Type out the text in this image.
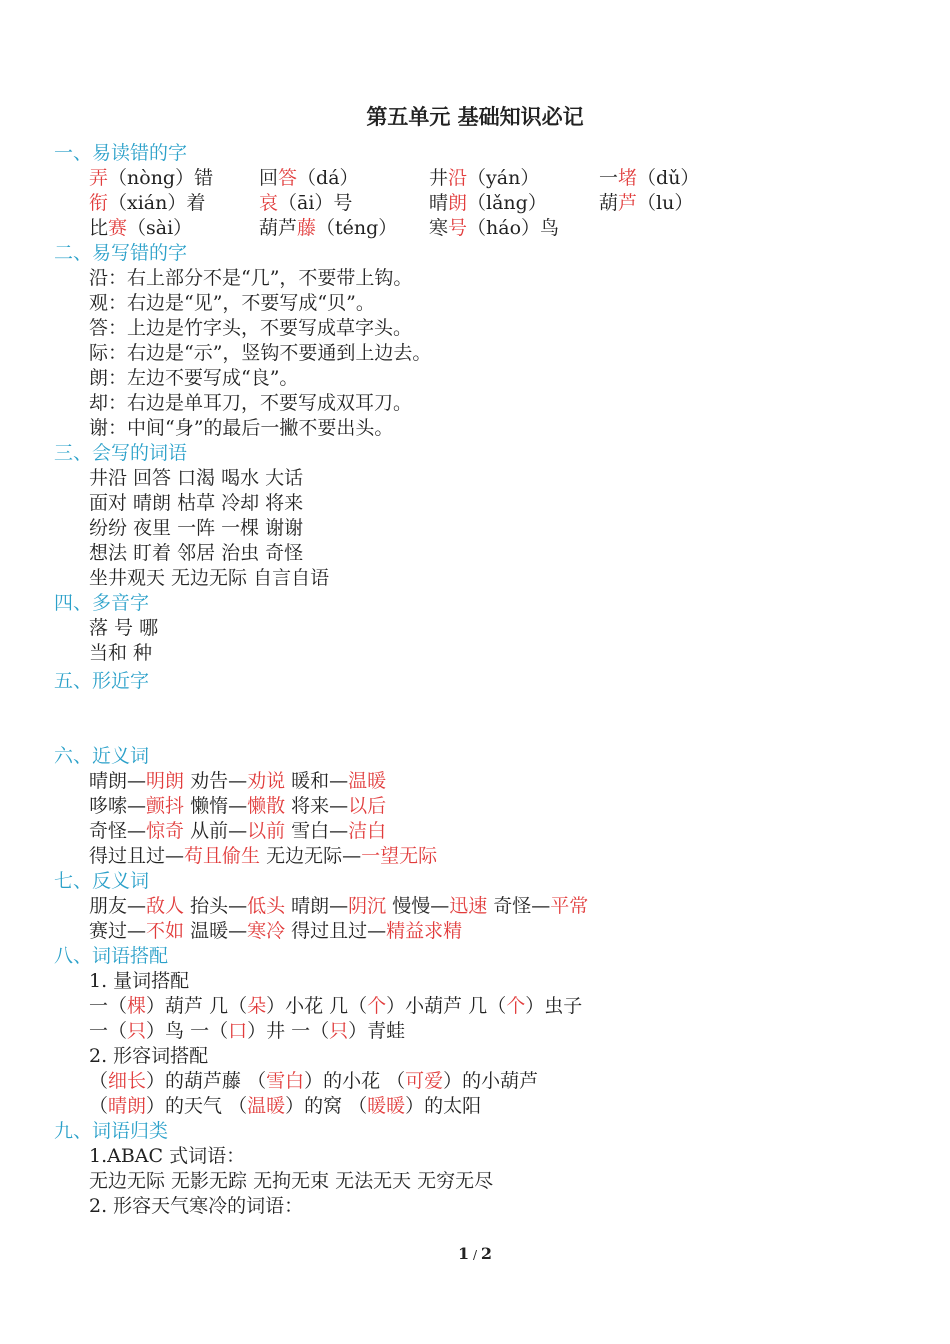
第五单元 基础知识必记
一、易读错的字
弄（nòng）错 回答（dá）	井沿（yán）	一堵（dǔ）
衔（xián）着	哀（āi）号	晴朗（lǎng）	葫芦（lu）
比赛（sài）	葫芦藤（téng） 寒号（háo）鸟
二、易写错的字
沿：右上部分不是“几”，不要带上钩。
观：右边是“见”，不要写成“贝”。
答：上边是竹字头，不要写成草字头。
际：右边是“示”，竖钩不要通到上边去。
朗：左边不要写成“良”。
却：右边是单耳刀，不要写成双耳刀。
谢：中间“身”的最后一撇不要出头。
三、会写的词语
井沿 回答 口渴 喝水 大话
面对 晴朗 枯草 冷却 将来
纷纷 夜里 一阵 一棵 谢谢
想法 盯着 邻居 治虫 奇怪
坐井观天 无边无际 自言自语
四、多音字
落 号 哪
当和 种
五、形近字
六、近义词
晴朗—明朗 劝告—劝说 暖和—温暖
哆嗦—颤抖 懒惰—懒散 将来—以后
奇怪—惊奇 从前—以前 雪白—洁白
得过且过—苟且偷生 无边无际—一望无际
七、反义词
朋友—敌人 抬头—低头 晴朗—阴沉 慢慢—迅速 奇怪—平常
赛过—不如 温暖—寒冷 得过且过—精益求精
八、词语搭配
1. 量词搭配
一（棵）葫芦 几（朵）小花 几（个）小葫芦 几（个）虫子
一（只）鸟 一（口）井 一（只）青蛙
2. 形容词搭配
（细长）的葫芦藤 （雪白）的小花 （可爱）的小葫芦
（晴朗）的天气 （温暖）的窝 （暖暖）的太阳
九、词语归类
1.ABAC 式词语：
无边无际 无影无踪 无拘无束 无法无天 无穷无尽
2. 形容天气寒冷的词语：
1 / 2
